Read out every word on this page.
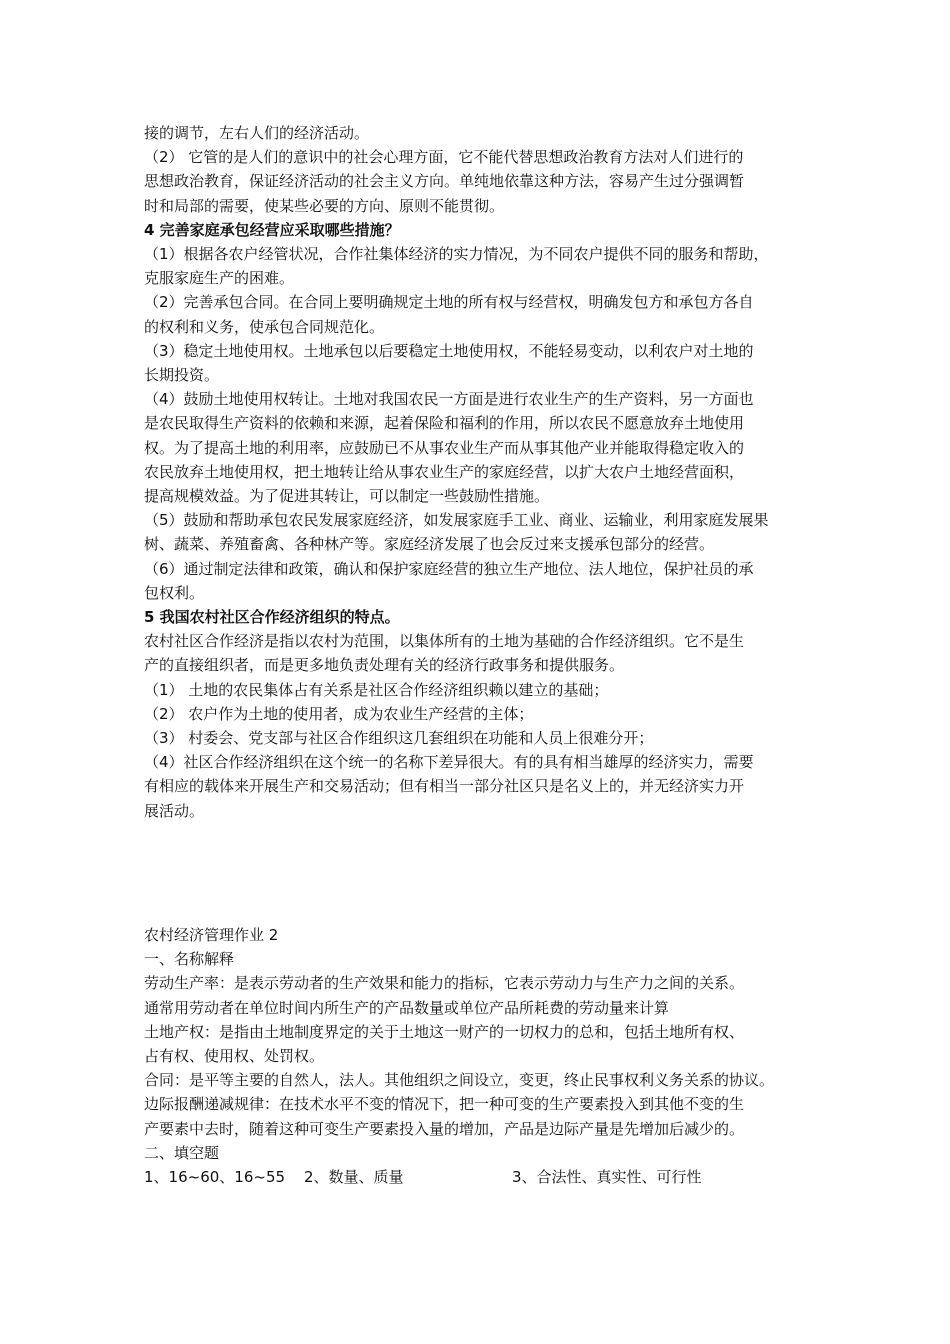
接的调节，左右人们的经济活动。
（2） 它管的是人们的意识中的社会心理方面，它不能代替思想政治教育方法对人们进行的
思想政治教育，保证经济活动的社会主义方向。单纯地依靠这种方法，容易产生过分强调暂
时和局部的需要，使某些必要的方向、原则不能贯彻。
4 完善家庭承包经营应采取哪些措施？
（1）根据各农户经管状况，合作社集体经济的实力情况，为不同农户提供不同的服务和帮助，
克服家庭生产的困难。
（2）完善承包合同。在合同上要明确规定土地的所有权与经营权，明确发包方和承包方各自
的权利和义务，使承包合同规范化。
（3）稳定土地使用权。土地承包以后要稳定土地使用权，不能轻易变动，以利农户对土地的
长期投资。
（4）鼓励土地使用权转让。土地对我国农民一方面是进行农业生产的生产资料，另一方面也
是农民取得生产资料的依赖和来源，起着保险和福利的作用，所以农民不愿意放弃土地使用
权。为了提高土地的利用率，应鼓励已不从事农业生产而从事其他产业并能取得稳定收入的
农民放弃土地使用权，把土地转让给从事农业生产的家庭经营，以扩大农户土地经营面积，
提高规模效益。为了促进其转让，可以制定一些鼓励性措施。
（5）鼓励和帮助承包农民发展家庭经济，如发展家庭手工业、商业、运输业，利用家庭发展果
树、蔬菜、养殖畜禽、各种林产等。家庭经济发展了也会反过来支援承包部分的经营。
（6）通过制定法律和政策，确认和保护家庭经营的独立生产地位、法人地位，保护社员的承
包权利。
5 我国农村社区合作经济组织的特点。
农村社区合作经济是指以农村为范围，以集体所有的土地为基础的合作经济组织。它不是生
产的直接组织者，而是更多地负责处理有关的经济行政事务和提供服务。
（1） 土地的农民集体占有关系是社区合作经济组织赖以建立的基础；
（2） 农户作为土地的使用者，成为农业生产经营的主体；
（3） 村委会、党支部与社区合作组织这几套组织在功能和人员上很难分开；
（4）社区合作经济组织在这个统一的名称下差异很大。有的具有相当雄厚的经济实力，需要
有相应的载体来开展生产和交易活动；但有相当一部分社区只是名义上的，并无经济实力开
展活动。
农村经济管理作业 2
一、名称解释
劳动生产率：是表示劳动者的生产效果和能力的指标，它表示劳动力与生产力之间的关系。
通常用劳动者在单位时间内所生产的产品数量或单位产品所耗费的劳动量来计算
土地产权：是指由土地制度界定的关于土地这一财产的一切权力的总和，包括土地所有权、
占有权、使用权、处罚权。
合同：是平等主要的自然人，法人。其他组织之间设立，变更，终止民事权利义务关系的协议。
边际报酬递减规律：在技术水平不变的情况下，把一种可变的生产要素投入到其他不变的生
产要素中去时，随着这种可变生产要素投入量的增加，产品是边际产量是先增加后减少的。
二、填空题
1、16~60、16~55	2、数量、质量	3、合法性、真实性、可行性
